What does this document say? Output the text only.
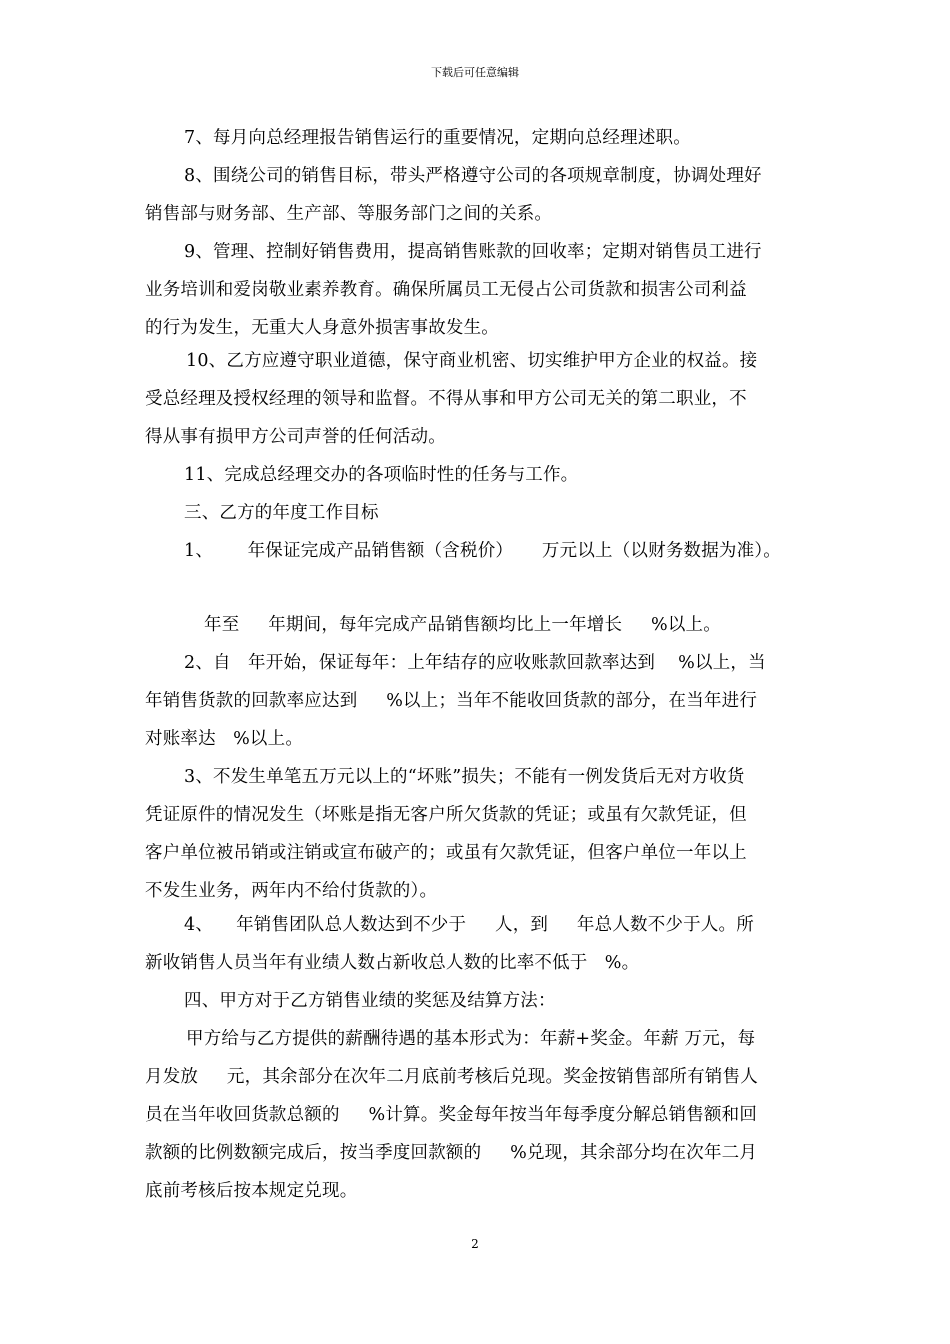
下载后可任意编辑
7、每月向总经理报告销售运行的重要情况，定期向总经理述职。
8、围绕公司的销售目标，带头严格遵守公司的各项规章制度，协调处理好
销售部与财务部、生产部、等服务部门之间的关系。
9、管理、控制好销售费用，提高销售账款的回收率；定期对销售员工进行
业务培训和爱岗敬业素养教育。确保所属员工无侵占公司货款和损害公司利益
的行为发生，无重大人身意外损害事故发生。
10、乙方应遵守职业道德，保守商业机密、切实维护甲方企业的权益。接
受总经理及授权经理的领导和监督。不得从事和甲方公司无关的第二职业，不
得从事有损甲方公司声誉的任何活动。
11、完成总经理交办的各项临时性的任务与工作。
三、乙方的年度工作目标
1、      年保证完成产品销售额（含税价）     万元以上（以财务数据为准）。
年至     年期间，每年完成产品销售额均比上一年增长     %以上。
2、自   年开始，保证每年：上年结存的应收账款回款率达到    %以上，当
年销售货款的回款率应达到     %以上；当年不能收回货款的部分，在当年进行
对账率达   %以上。
3、不发生单笔五万元以上的“坏账”损失；不能有一例发货后无对方收货
凭证原件的情况发生（坏账是指无客户所欠货款的凭证；或虽有欠款凭证，但
客户单位被吊销或注销或宣布破产的；或虽有欠款凭证，但客户单位一年以上
不发生业务，两年内不给付货款的）。
4、    年销售团队总人数达到不少于     人，到     年总人数不少于人。所
新收销售人员当年有业绩人数占新收总人数的比率不低于   %。
四、甲方对于乙方销售业绩的奖惩及结算方法：
甲方给与乙方提供的薪酬待遇的基本形式为：年薪+奖金。年薪 万元，每
月发放     元，其余部分在次年二月底前考核后兑现。奖金按销售部所有销售人
员在当年收回货款总额的     %计算。奖金每年按当年每季度分解总销售额和回
款额的比例数额完成后，按当季度回款额的     %兑现，其余部分均在次年二月
底前考核后按本规定兑现。
2
